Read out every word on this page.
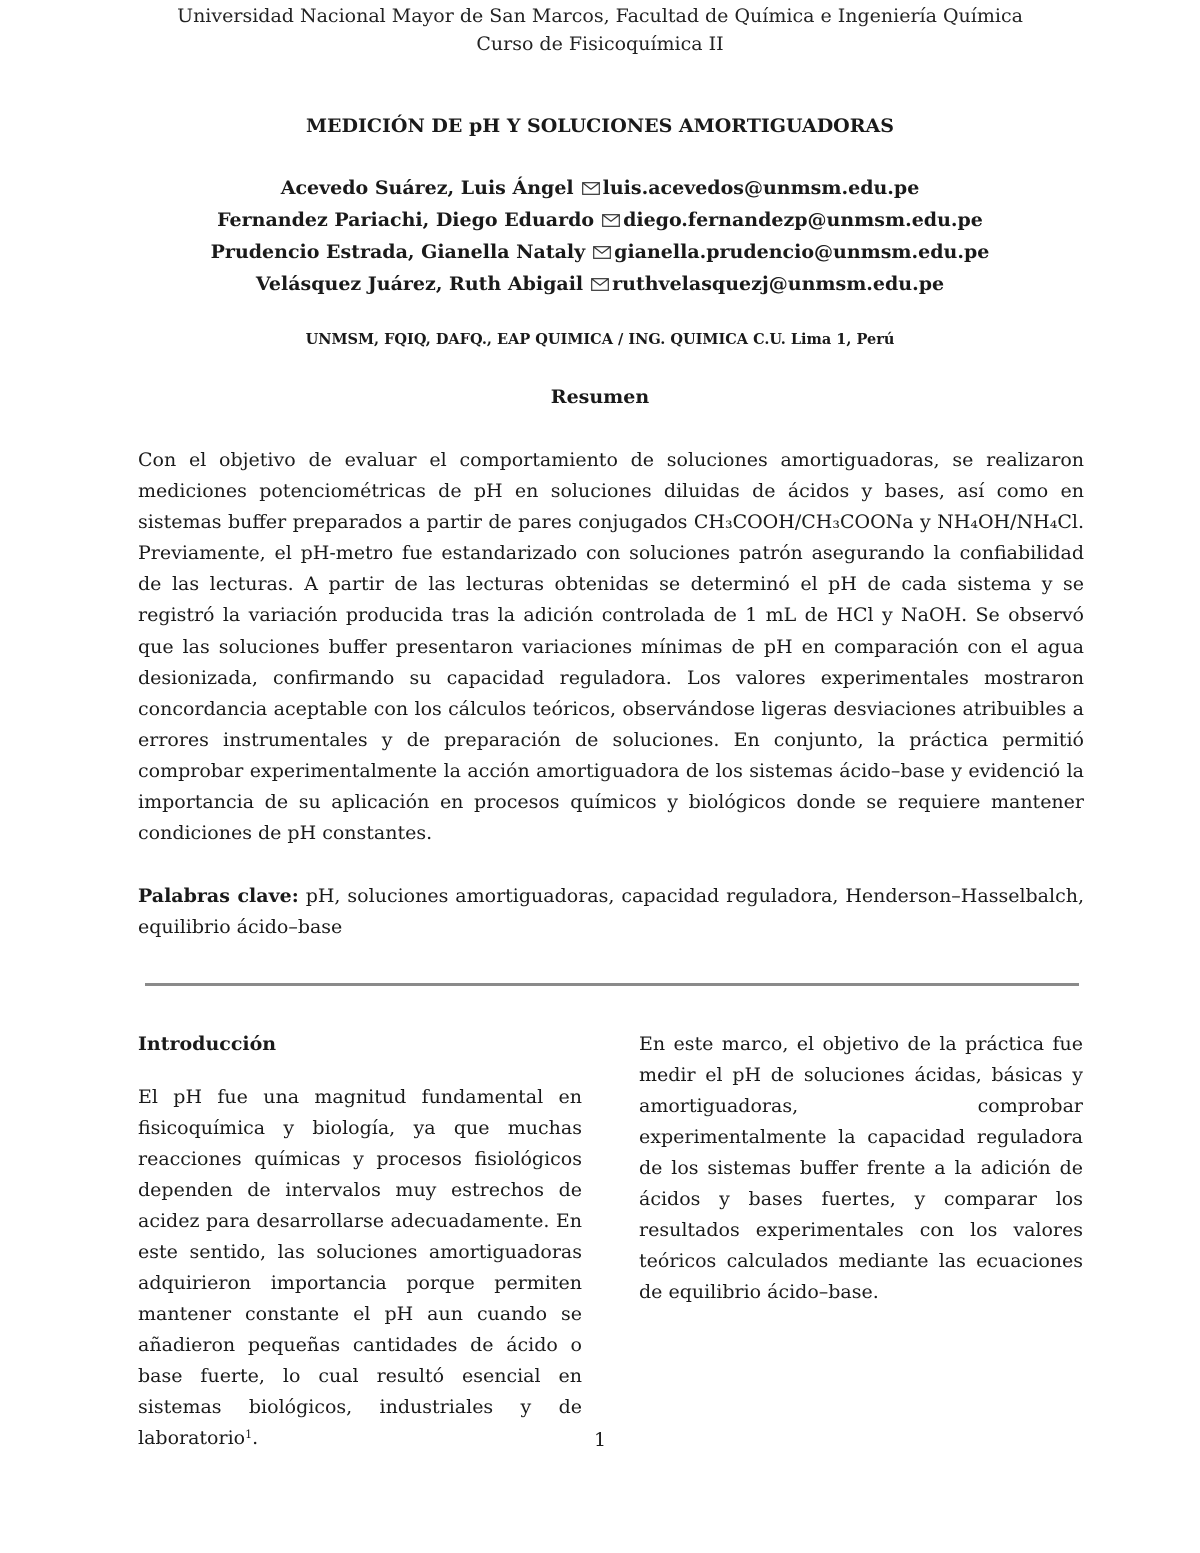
Universidad Nacional Mayor de San Marcos, Facultad de Química e Ingeniería Química
Curso de Fisicoquímica II
MEDICIÓN DE pH Y SOLUCIONES AMORTIGUADORAS
Acevedo Suárez, Luis Ángel luis.acevedos@unmsm.edu.pe
Fernandez Pariachi, Diego Eduardo diego.fernandezp@unmsm.edu.pe
Prudencio Estrada, Gianella Nataly gianella.prudencio@unmsm.edu.pe
Velásquez Juárez, Ruth Abigail ruthvelasquezj@unmsm.edu.pe
UNMSM, FQIQ, DAFQ., EAP QUIMICA / ING. QUIMICA C.U. Lima 1, Perú
Resumen

Con el objetivo de evaluar el comportamiento de soluciones amortiguadoras, se realizaron mediciones potenciométricas de pH en soluciones diluidas de ácidos y bases, así como en sistemas buffer preparados a partir de pares conjugados CH₃COOH/CH₃COONa y NH₄OH/NH₄Cl. Previamente, el pH-metro fue estandarizado con soluciones patrón asegurando la confiabilidad de las lecturas. A partir de las lecturas obtenidas se determinó el pH de cada sistema y se registró la variación producida tras la adición controlada de 1 mL de HCl y NaOH. Se observó que las soluciones buffer presentaron variaciones mínimas de pH en comparación con el agua desionizada, confirmando su capacidad reguladora. Los valores experimentales mostraron concordancia aceptable con los cálculos teóricos, observándose ligeras desviaciones atribuibles a errores instrumentales y de preparación de soluciones. En conjunto, la práctica permitió comprobar experimentalmente la acción amortiguadora de los sistemas ácido–base y evidenció la importancia de su aplicación en procesos químicos y biológicos donde se requiere mantener condiciones de pH constantes.

Palabras clave: pH, soluciones amortiguadoras, capacidad reguladora, Henderson–Hasselbalch, equilibrio ácido–base

Introducción

El pH fue una magnitud fundamental en fisicoquímica y biología, ya que muchas reacciones químicas y procesos fisiológicos dependen de intervalos muy estrechos de acidez para desarrollarse adecuadamente. En este sentido, las soluciones amortiguadoras adquirieron importancia porque permiten mantener constante el pH aun cuando se añadieron pequeñas cantidades de ácido o base fuerte, lo cual resultó esencial en sistemas biológicos, industriales y de laboratorio$^1$.

En este marco, el objetivo de la práctica fue medir el pH de soluciones ácidas, básicas y amortiguadoras, comprobar experimentalmente la capacidad reguladora de los sistemas buffer frente a la adición de ácidos y bases fuertes, y comparar los resultados experimentales con los valores teóricos calculados mediante las ecuaciones de equilibrio ácido–base.

1
